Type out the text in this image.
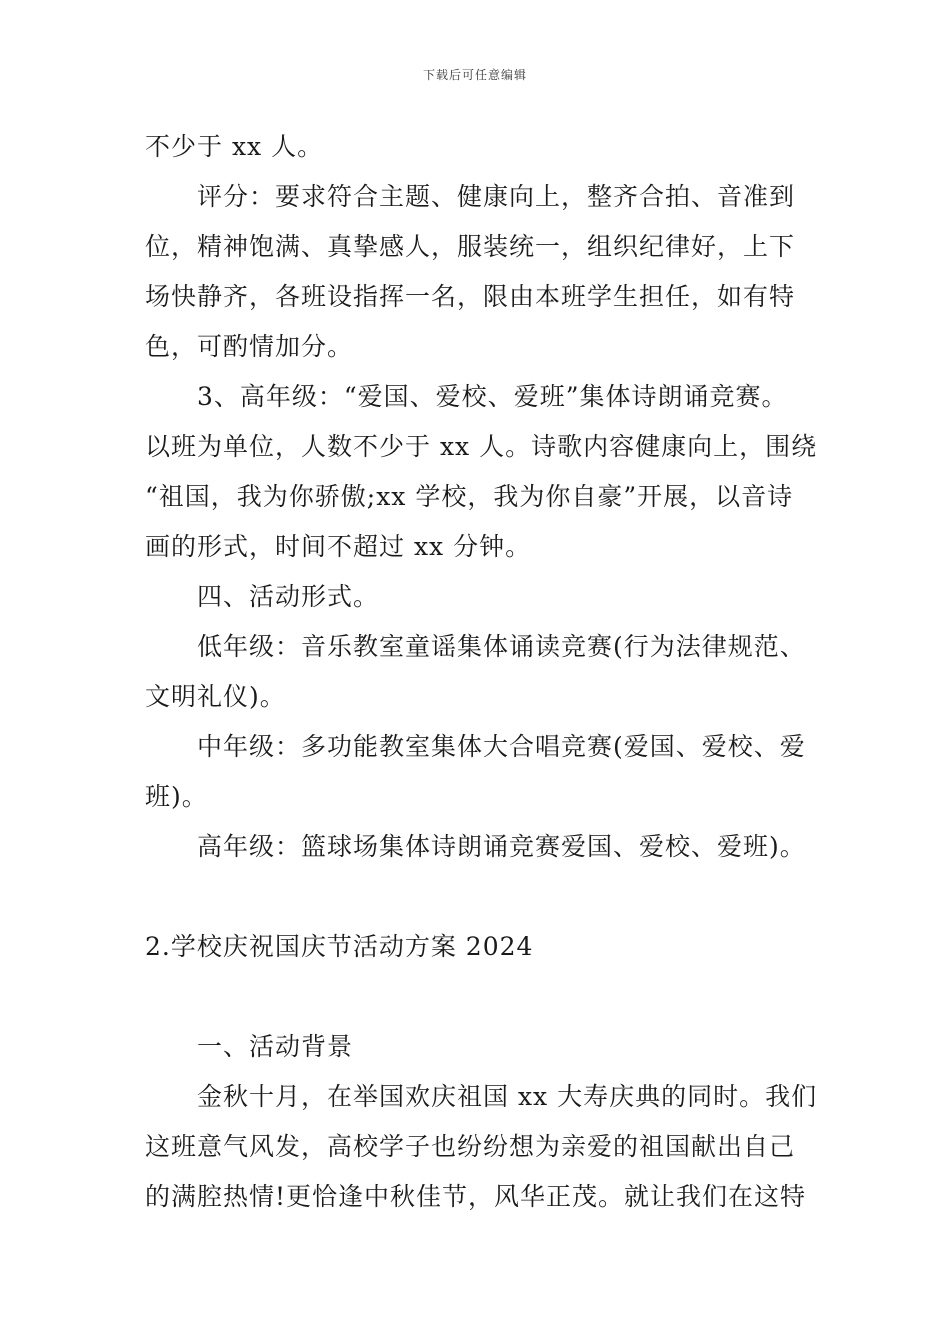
下载后可任意编辑
不少于 xx 人。
评分：要求符合主题、健康向上，整齐合拍、音准到
位，精神饱满、真挚感人，服装统一，组织纪律好，上下
场快静齐，各班设指挥一名，限由本班学生担任，如有特
色，可酌情加分。
3、高年级：“爱国、爱校、爱班”集体诗朗诵竞赛。
以班为单位，人数不少于 xx 人。诗歌内容健康向上，围绕
“祖国，我为你骄傲;xx 学校，我为你自豪”开展，以音诗
画的形式，时间不超过 xx 分钟。
四、活动形式。
低年级：音乐教室童谣集体诵读竞赛(行为法律规范、
文明礼仪)。
中年级：多功能教室集体大合唱竞赛(爱国、爱校、爱
班)。
高年级：篮球场集体诗朗诵竞赛爱国、爱校、爱班)。
2.学校庆祝国庆节活动方案 2024
一、活动背景
金秋十月，在举国欢庆祖国 xx 大寿庆典的同时。我们
这班意气风发，高校学子也纷纷想为亲爱的祖国献出自己
的满腔热情!更恰逢中秋佳节，风华正茂。就让我们在这特
